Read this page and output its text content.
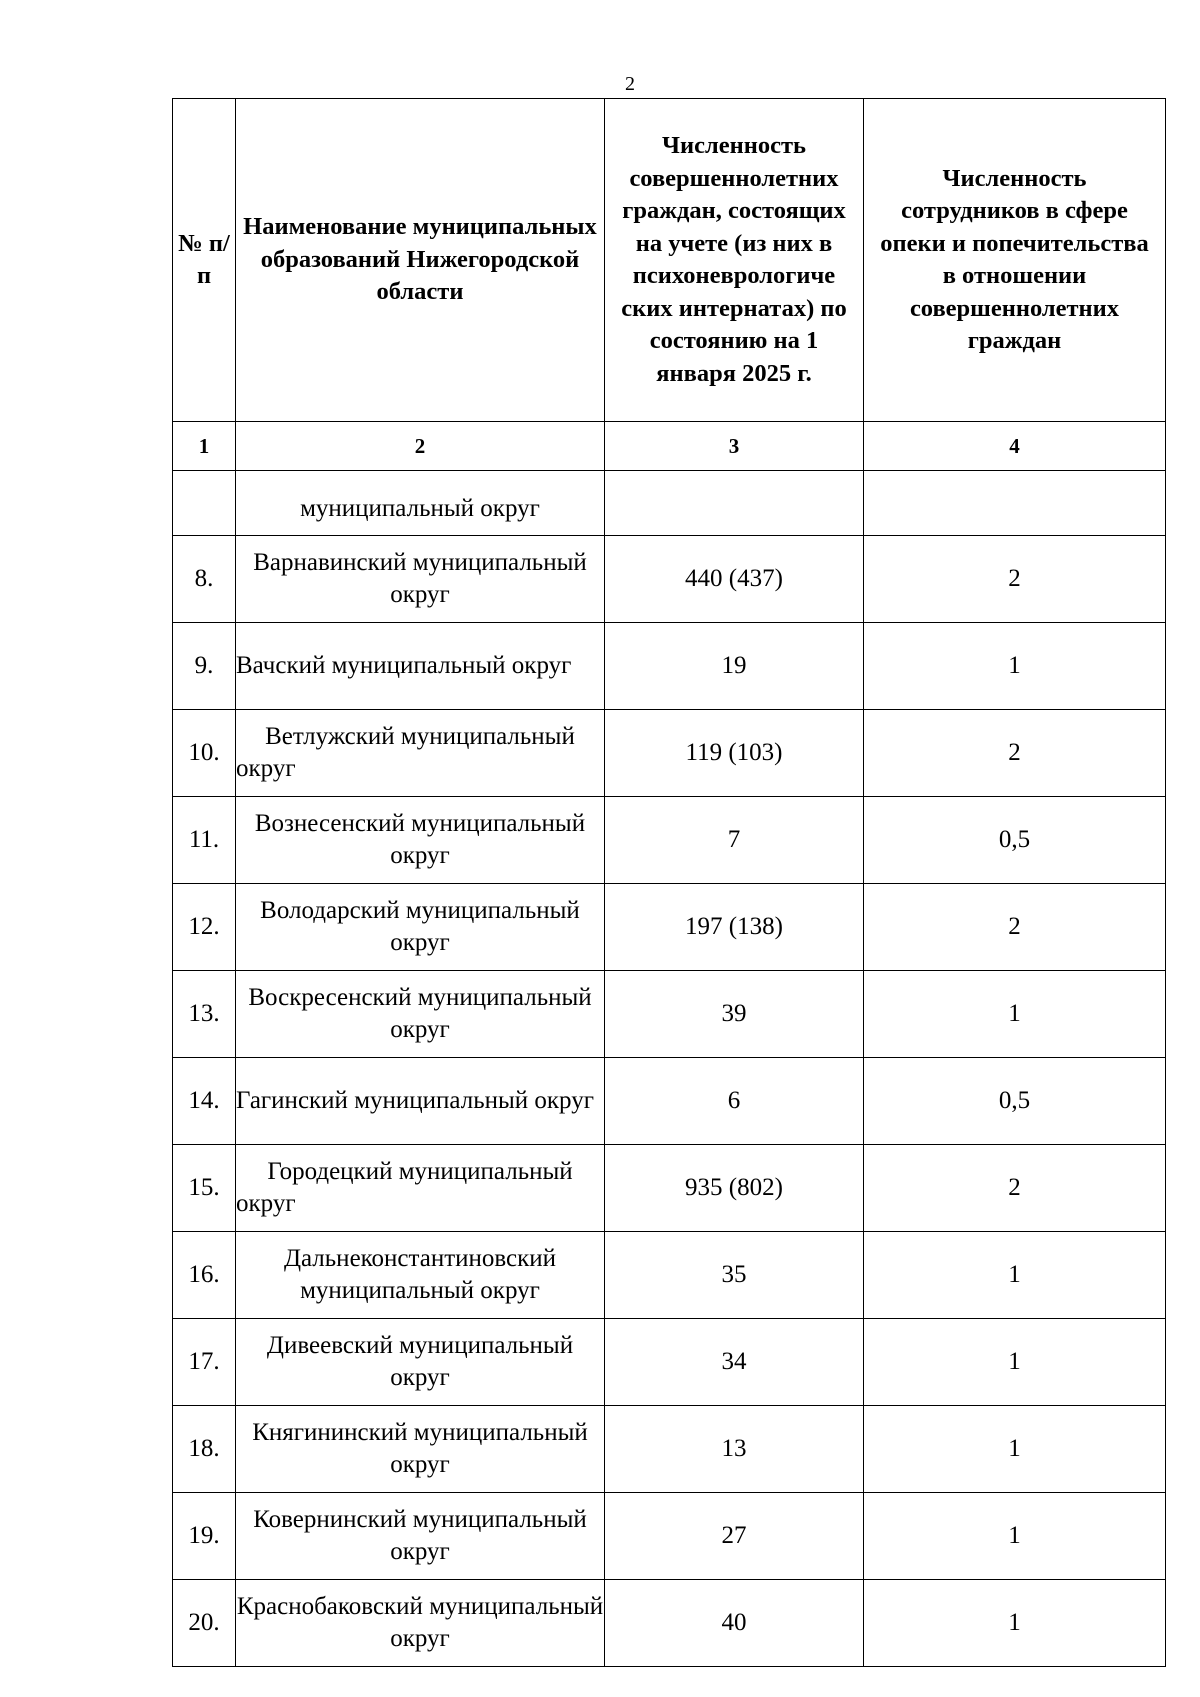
2
№ п/п	Наименование муниципальных образований Нижегородской области	Численность совершеннолетних граждан, состоящих на учете (из них в психоневрологиче ских интернатах) по состоянию на 1 января 2025 г.	Численность сотрудников в сфере опеки и попечительства в отношении совершеннолетних граждан
1	2	3	4
	муниципальный округ		
8.	Варнавинский муниципальный округ	440 (437)	2
9.	Вачский муниципальный округ	19	1
10.	Ветлужский муниципальный округ	119 (103)	2
11.	Вознесенский муниципальный округ	7	0,5
12.	Володарский муниципальный округ	197 (138)	2
13.	Воскресенский муниципальный округ	39	1
14.	Гагинский муниципальный округ	6	0,5
15.	Городецкий муниципальный округ	935 (802)	2
16.	Дальнеконстантиновский муниципальный округ	35	1
17.	Дивеевский муниципальный округ	34	1
18.	Княгининский муниципальный округ	13	1
19.	Ковернинский муниципальный округ	27	1
20.	Краснобаковский муниципальный округ	40	1
